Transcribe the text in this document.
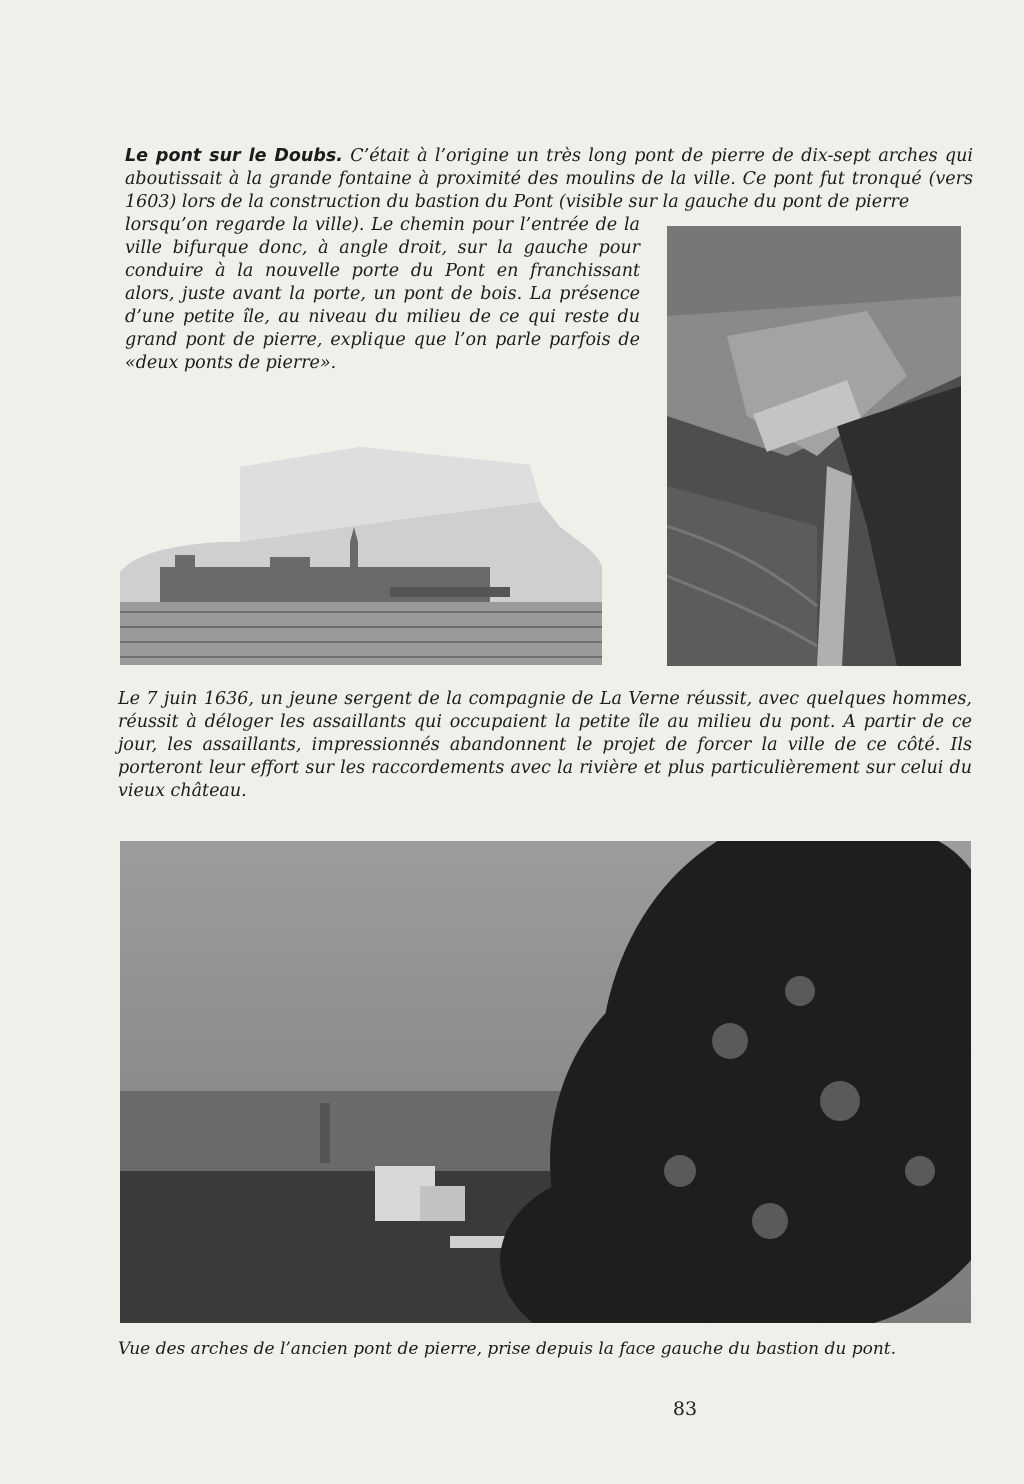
Le pont sur le Doubs. C’était à l’origine un très long pont de pierre de dix-sept arches qui aboutissait à la grande fontaine à proximité des moulins de la ville. Ce pont fut tronqué (vers 1603) lors de la construction du bastion du Pont (visible sur la gauche du pont de pierre
lorsqu’on regarde la ville). Le chemin pour l’entrée de la ville bifurque donc, à angle droit, sur la gauche pour conduire à la nouvelle porte du Pont en franchissant alors, juste avant la porte, un pont de bois. La présence d’une petite île, au niveau du milieu de ce qui reste du grand pont de pierre, explique que l’on parle parfois de «deux ponts de pierre».
Le 7 juin 1636, un jeune sergent de la compagnie de La Verne réussit, avec quelques hommes, réussit à déloger les assaillants qui occupaient la petite île au milieu du pont. A partir de ce jour, les assaillants, impressionnés abandonnent le projet de forcer la ville de ce côté. Ils porteront leur effort sur les raccordements avec la rivière et plus particulièrement sur celui du vieux château.
Vue des arches de l’ancien pont de pierre, prise depuis la face gauche du bastion du pont.
83
